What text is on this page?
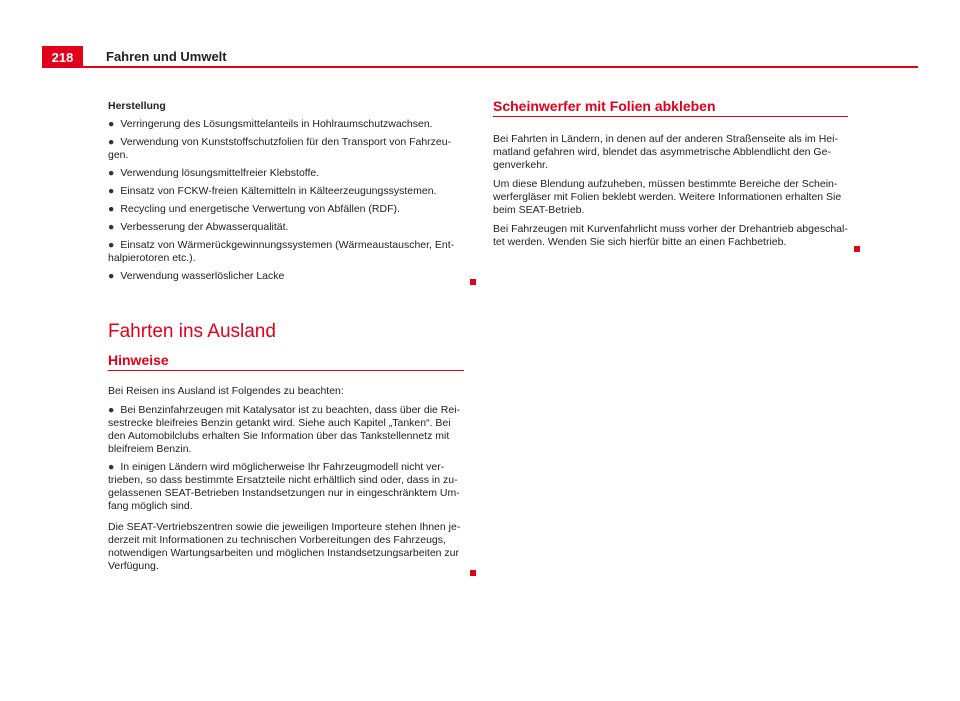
218	Fahren und Umwelt
Herstellung
● Verringerung des Lösungsmittelanteils in Hohlraumschutzwachsen.
● Verwendung von Kunststoffschutzfolien für den Transport von Fahrzeu-gen.
● Verwendung lösungsmittelfreier Klebstoffe.
● Einsatz von FCKW-freien Kältemitteln in Kälteerzeugungssystemen.
● Recycling und energetische Verwertung von Abfällen (RDF).
● Verbesserung der Abwasserqualität.
● Einsatz von Wärmerückgewinnungssystemen (Wärmeaustauscher, Ent-halpierotoren etc.).
● Verwendung wasserlöslicher Lacke
Fahrten ins Ausland
Hinweise

Bei Reisen ins Ausland ist Folgendes zu beachten:

● Bei Benzinfahrzeugen mit Katalysator ist zu beachten, dass über die Rei-sestrecke bleifreies Benzin getankt wird. Siehe auch Kapitel „Tanken“. Bei den Automobilclubs erhalten Sie Information über das Tankstellennetz mit bleifreiem Benzin.
● In einigen Ländern wird möglicherweise Ihr Fahrzeugmodell nicht ver-trieben, so dass bestimmte Ersatzteile nicht erhältlich sind oder, dass in zu-gelassenen SEAT-Betrieben Instandsetzungen nur in eingeschränktem Um-fang möglich sind.

Die SEAT-Vertriebszentren sowie die jeweiligen Importeure stehen Ihnen je-derzeit mit Informationen zu technischen Vorbereitungen des Fahrzeugs, notwendigen Wartungsarbeiten und möglichen Instandsetzungsarbeiten zur Verfügung.

Scheinwerfer mit Folien abkleben

Bei Fahrten in Ländern, in denen auf der anderen Straßenseite als im Hei-matland gefahren wird, blendet das asymmetrische Abblendlicht den Ge-genverkehr.

Um diese Blendung aufzuheben, müssen bestimmte Bereiche der Schein-werfergläser mit Folien beklebt werden. Weitere Informationen erhalten Sie beim SEAT-Betrieb.

Bei Fahrzeugen mit Kurvenfahrlicht muss vorher der Drehantrieb abgeschal-tet werden. Wenden Sie sich hierfür bitte an einen Fachbetrieb.
